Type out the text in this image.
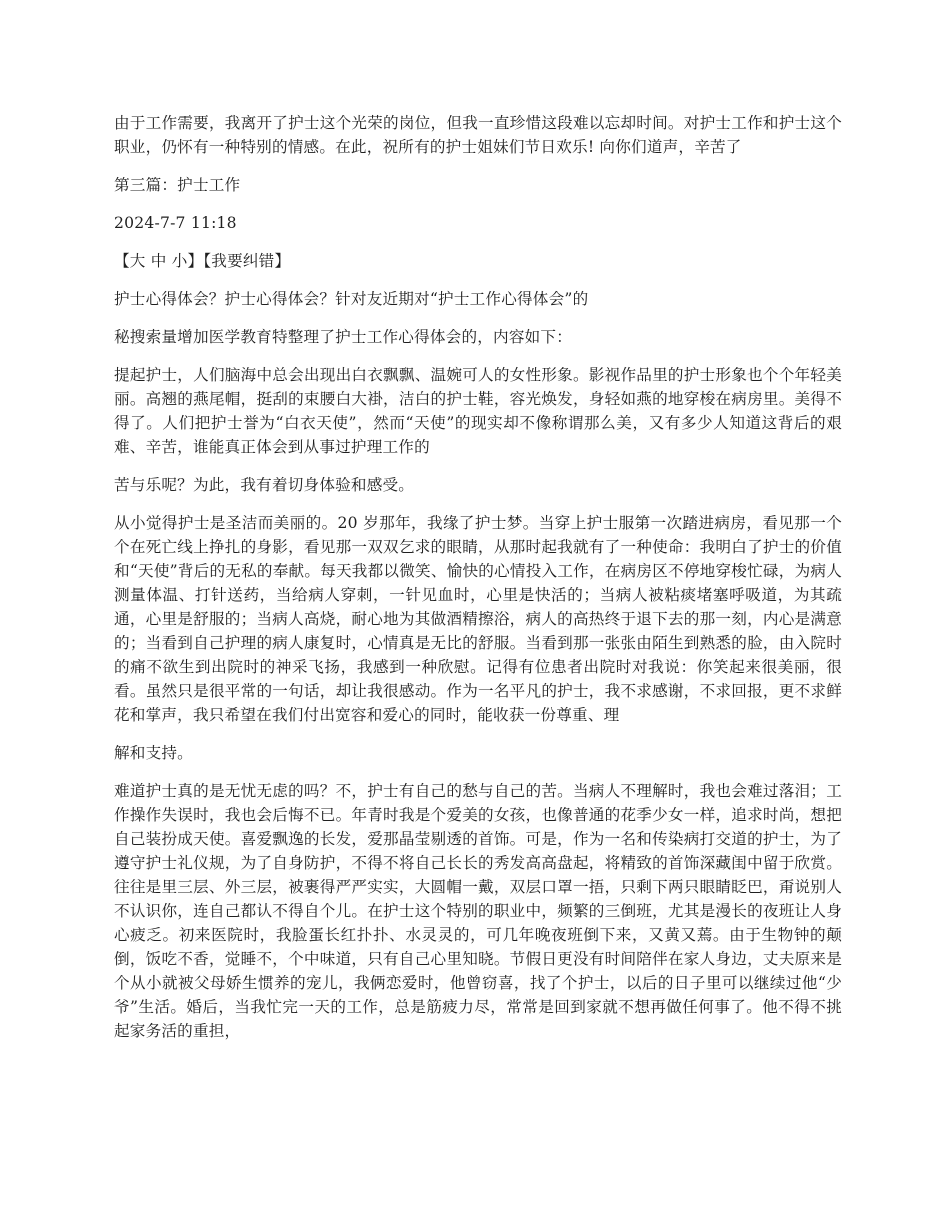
由于工作需要，我离开了护士这个光荣的岗位，但我一直珍惜这段难以忘却时间。对护士工作和护士这个职业，仍怀有一种特别的情感。在此，祝所有的护士姐妹们节日欢乐! 向你们道声，辛苦了

第三篇：护士工作

2024-7-7 11:18

【大 中 小】【我要纠错】

护士心得体会？护士心得体会？针对友近期对“护士工作心得体会”的

秘搜索量增加医学教育特整理了护士工作心得体会的，内容如下：

提起护士，人们脑海中总会出现出白衣飘飘、温婉可人的女性形象。影视作品里的护士形象也个个年轻美丽。高翘的燕尾帽，挺刮的束腰白大褂，洁白的护士鞋，容光焕发，身轻如燕的地穿梭在病房里。美得不得了。人们把护士誉为“白衣天使”，然而“天使”的现实却不像称谓那么美，又有多少人知道这背后的艰难、辛苦，谁能真正体会到从事过护理工作的

苦与乐呢？为此，我有着切身体验和感受。

从小觉得护士是圣洁而美丽的。20 岁那年，我缘了护士梦。当穿上护士服第一次踏进病房，看见那一个个在死亡线上挣扎的身影，看见那一双双乞求的眼睛，从那时起我就有了一种使命：我明白了护士的价值和“天使”背后的无私的奉献。每天我都以微笑、愉快的心情投入工作，在病房区不停地穿梭忙碌，为病人测量体温、打针送药，当给病人穿刺，一针见血时，心里是快活的；当病人被粘痰堵塞呼吸道，为其疏通，心里是舒服的；当病人高烧，耐心地为其做酒精擦浴，病人的高热终于退下去的那一刻，内心是满意的；当看到自己护理的病人康复时，心情真是无比的舒服。当看到那一张张由陌生到熟悉的脸，由入院时的痛不欲生到出院时的神采飞扬，我感到一种欣慰。记得有位患者出院时对我说：你笑起来很美丽，很看。虽然只是很平常的一句话，却让我很感动。作为一名平凡的护士，我不求感谢，不求回报，更不求鲜花和掌声，我只希望在我们付出宽容和爱心的同时，能收获一份尊重、理

解和支持。

难道护士真的是无忧无虑的吗？不，护士有自己的愁与自己的苦。当病人不理解时，我也会难过落泪；工作操作失误时，我也会后悔不已。年青时我是个爱美的女孩，也像普通的花季少女一样，追求时尚，想把自己装扮成天使。喜爱飘逸的长发，爱那晶莹剔透的首饰。可是，作为一名和传染病打交道的护士，为了遵守护士礼仪规，为了自身防护，不得不将自己长长的秀发高高盘起，将精致的首饰深藏闺中留于欣赏。往往是里三层、外三层，被裹得严严实实，大圆帽一戴，双层口罩一捂，只剩下两只眼睛眨巴，甭说别人不认识你，连自己都认不得自个儿。在护士这个特别的职业中，频繁的三倒班，尤其是漫长的夜班让人身心疲乏。初来医院时，我脸蛋长红扑扑、水灵灵的，可几年晚夜班倒下来，又黄又蔫。由于生物钟的颠倒，饭吃不香，觉睡不，个中味道，只有自己心里知晓。节假日更没有时间陪伴在家人身边，丈夫原来是个从小就被父母娇生惯养的宠儿，我俩恋爱时，他曾窃喜，找了个护士，以后的日子里可以继续过他“少爷”生活。婚后，当我忙完一天的工作，总是筋疲力尽，常常是回到家就不想再做任何事了。他不得不挑起家务活的重担，
